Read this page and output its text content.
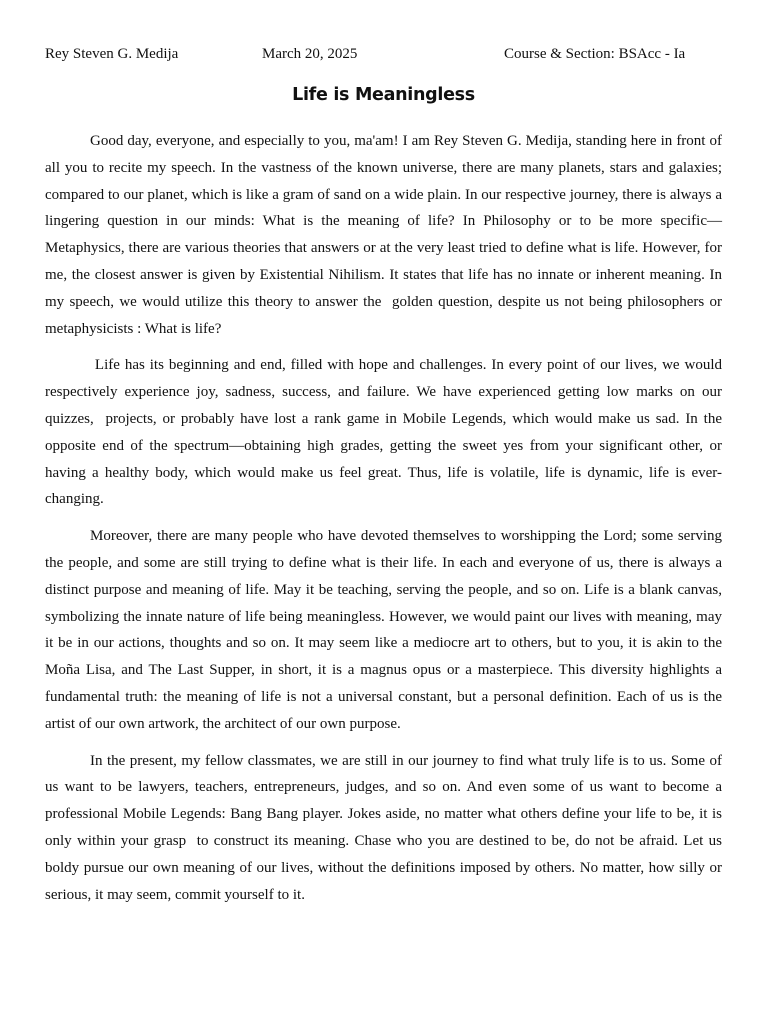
Rey Steven G. Medija	March 20, 2025	Course & Section: BSAcc - Ia
Life is Meaningless

Good day, everyone, and especially to you, ma'am! I am Rey Steven G. Medija, standing here in front of all you to recite my speech. In the vastness of the known universe, there are many planets, stars and galaxies; compared to our planet, which is like a gram of sand on a wide plain. In our respective journey, there is always a lingering question in our minds: What is the meaning of life? In Philosophy or to be more specific—Metaphysics, there are various theories that answers or at the very least tried to define what is life. However, for me, the closest answer is given by Existential Nihilism. It states that life has no innate or inherent meaning. In my speech, we would utilize this theory to answer the  golden question, despite us not being philosophers or metaphysicists : What is life?

Life has its beginning and end, filled with hope and challenges. In every point of our lives, we would respectively experience joy, sadness, success, and failure. We have experienced getting low marks on our quizzes,  projects, or probably have lost a rank game in Mobile Legends, which would make us sad. In the opposite end of the spectrum—obtaining high grades, getting the sweet yes from your significant other, or having a healthy body, which would make us feel great. Thus, life is volatile, life is dynamic, life is ever-changing.

Moreover, there are many people who have devoted themselves to worshipping the Lord; some serving the people, and some are still trying to define what is their life. In each and everyone of us, there is always a distinct purpose and meaning of life. May it be teaching, serving the people, and so on. Life is a blank canvas, symbolizing the innate nature of life being meaningless. However, we would paint our lives with meaning, may it be in our actions, thoughts and so on. It may seem like a mediocre art to others, but to you, it is akin to the Moña Lisa, and The Last Supper, in short, it is a magnus opus or a masterpiece. This diversity highlights a fundamental truth: the meaning of life is not a universal constant, but a personal definition. Each of us is the artist of our own artwork, the architect of our own purpose.

In the present, my fellow classmates, we are still in our journey to find what truly life is to us. Some of us want to be lawyers, teachers, entrepreneurs, judges, and so on. And even some of us want to become a professional Mobile Legends: Bang Bang player. Jokes aside, no matter what others define your life to be, it is only within your grasp  to construct its meaning. Chase who you are destined to be, do not be afraid. Let us boldy pursue our own meaning of our lives, without the definitions imposed by others. No matter, how silly or serious, it may seem, commit yourself to it.
